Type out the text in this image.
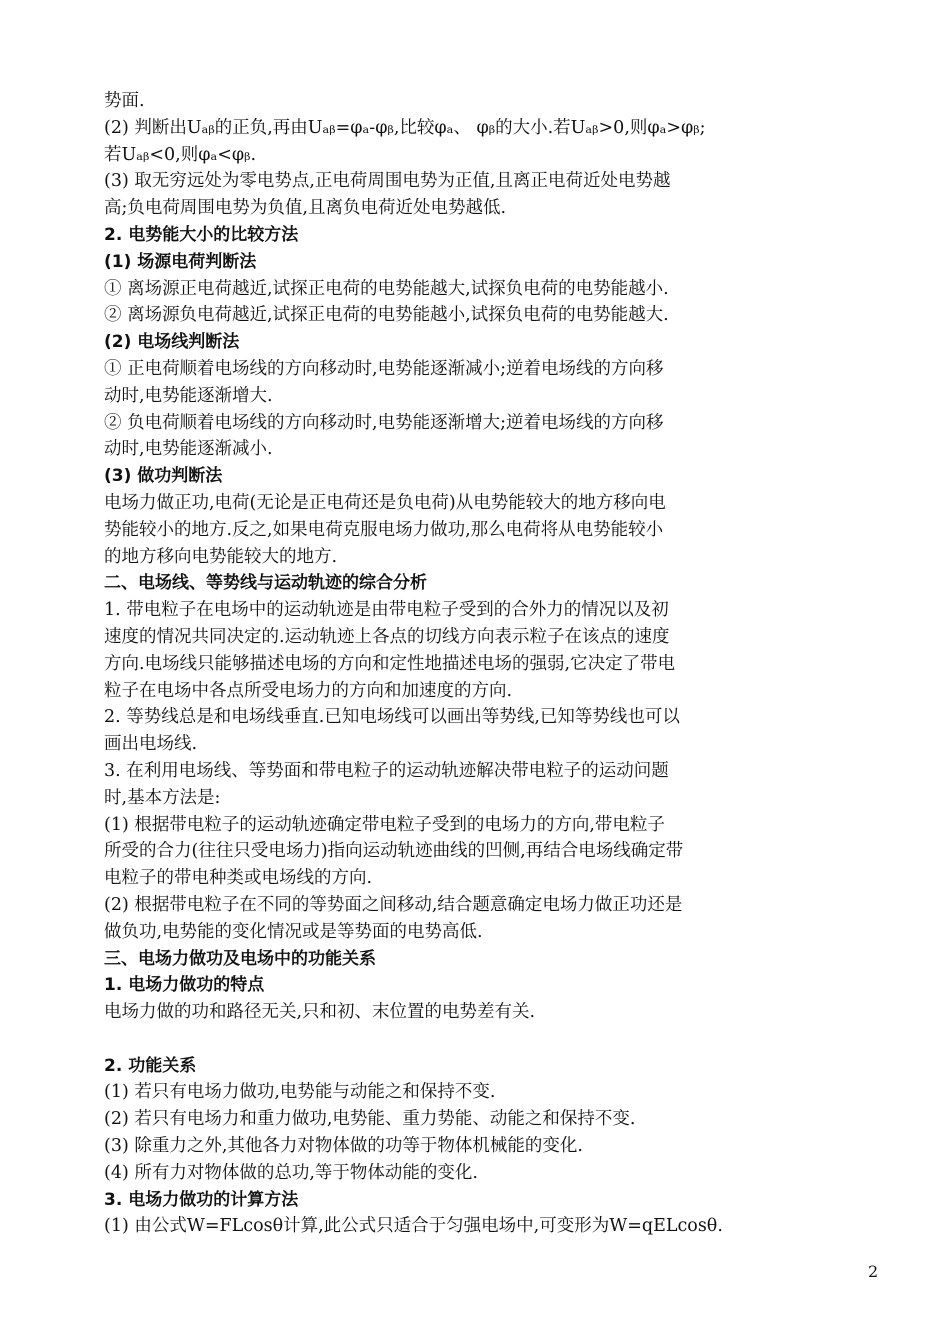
势面.
(2) 判断出Uₐᵦ的正负,再由Uₐᵦ=φₐ-φᵦ,比较φₐ、 φᵦ的大小.若Uₐᵦ>0,则φₐ>φᵦ;
若Uₐᵦ<0,则φₐ<φᵦ.
(3) 取无穷远处为零电势点,正电荷周围电势为正值,且离正电荷近处电势越
高;负电荷周围电势为负值,且离负电荷近处电势越低.
2. 电势能大小的比较方法
(1) 场源电荷判断法
① 离场源正电荷越近,试探正电荷的电势能越大,试探负电荷的电势能越小.
② 离场源负电荷越近,试探正电荷的电势能越小,试探负电荷的电势能越大.
(2) 电场线判断法
① 正电荷顺着电场线的方向移动时,电势能逐渐减小;逆着电场线的方向移
动时,电势能逐渐增大.
② 负电荷顺着电场线的方向移动时,电势能逐渐增大;逆着电场线的方向移
动时,电势能逐渐减小.
(3) 做功判断法
电场力做正功,电荷(无论是正电荷还是负电荷)从电势能较大的地方移向电
势能较小的地方.反之,如果电荷克服电场力做功,那么电荷将从电势能较小
的地方移向电势能较大的地方.
二、电场线、等势线与运动轨迹的综合分析
1. 带电粒子在电场中的运动轨迹是由带电粒子受到的合外力的情况以及初
速度的情况共同决定的.运动轨迹上各点的切线方向表示粒子在该点的速度
方向.电场线只能够描述电场的方向和定性地描述电场的强弱,它决定了带电
粒子在电场中各点所受电场力的方向和加速度的方向.
2. 等势线总是和电场线垂直.已知电场线可以画出等势线,已知等势线也可以
画出电场线.
3. 在利用电场线、等势面和带电粒子的运动轨迹解决带电粒子的运动问题
时,基本方法是:
(1) 根据带电粒子的运动轨迹确定带电粒子受到的电场力的方向,带电粒子
所受的合力(往往只受电场力)指向运动轨迹曲线的凹侧,再结合电场线确定带
电粒子的带电种类或电场线的方向.
(2) 根据带电粒子在不同的等势面之间移动,结合题意确定电场力做正功还是
做负功,电势能的变化情况或是等势面的电势高低.
三、电场力做功及电场中的功能关系
1. 电场力做功的特点
电场力做的功和路径无关,只和初、末位置的电势差有关.
2. 功能关系
(1) 若只有电场力做功,电势能与动能之和保持不变.
(2) 若只有电场力和重力做功,电势能、重力势能、动能之和保持不变.
(3) 除重力之外,其他各力对物体做的功等于物体机械能的变化.
(4) 所有力对物体做的总功,等于物体动能的变化.
3. 电场力做功的计算方法
(1) 由公式W=FLcosθ计算,此公式只适合于匀强电场中,可变形为W=qELcosθ.
2
